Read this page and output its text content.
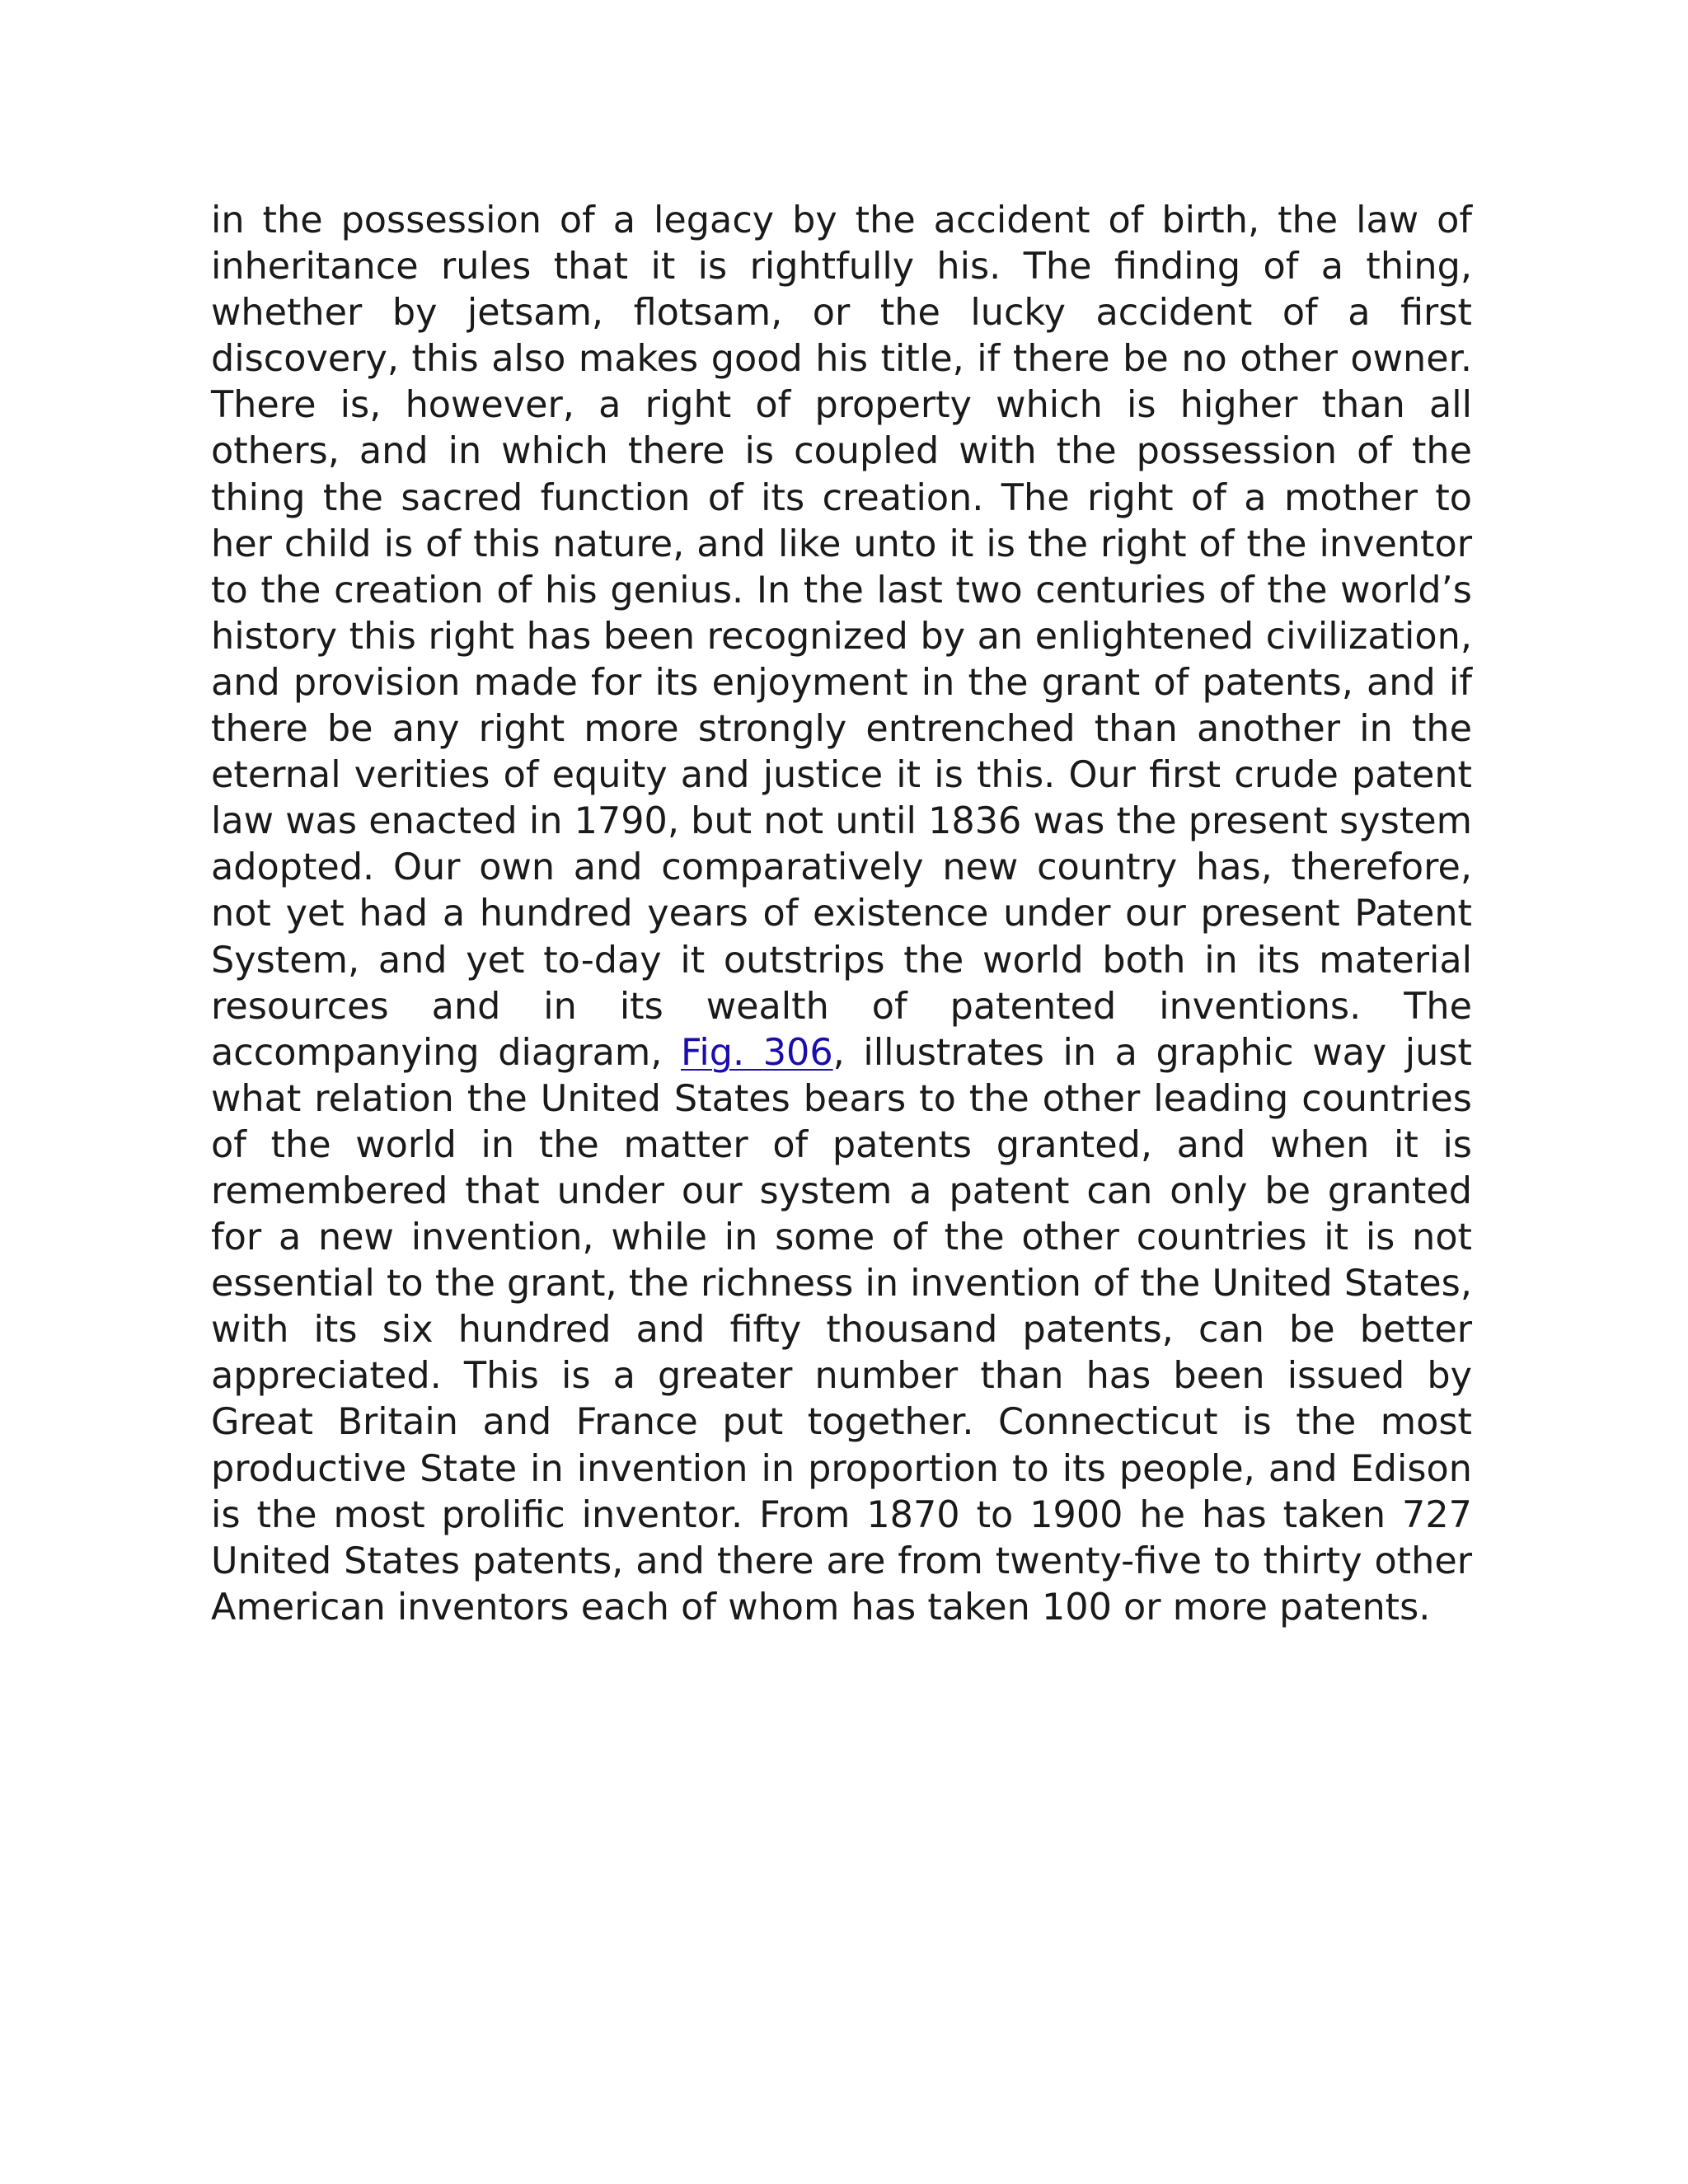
in the possession of a legacy by the accident of birth, the law of inheritance rules that it is rightfully his. The finding of a thing, whether by jetsam, flotsam, or the lucky accident of a first discovery, this also makes good his title, if there be no other owner. There is, however, a right of property which is higher than all others, and in which there is coupled with the possession of the thing the sacred function of its creation. The right of a mother to her child is of this nature, and like unto it is the right of the inventor to the creation of his genius. In the last two centuries of the world’s history this right has been recognized by an enlightened civilization, and provision made for its enjoyment in the grant of patents, and if there be any right more strongly entrenched than another in the eternal verities of equity and justice it is this. Our first crude patent law was enacted in 1790, but not until 1836 was the present system adopted. Our own and comparatively new country has, therefore, not yet had a hundred years of existence under our present Patent System, and yet to-day it outstrips the world both in its material resources and in its wealth of patented inventions. The accompanying diagram, Fig. 306, illustrates in a graphic way just what relation the United States bears to the other leading countries of the world in the matter of patents granted, and when it is remembered that under our system a patent can only be granted for a new invention, while in some of the other countries it is not essential to the grant, the richness in invention of the United States, with its six hundred and fifty thousand patents, can be better appreciated. This is a greater number than has been issued by Great Britain and France put together. Connecticut is the most productive State in invention in proportion to its people, and Edison is the most prolific inventor. From 1870 to 1900 he has taken 727 United States patents, and there are from twenty-five to thirty other American inventors each of whom has taken 100 or more patents.
